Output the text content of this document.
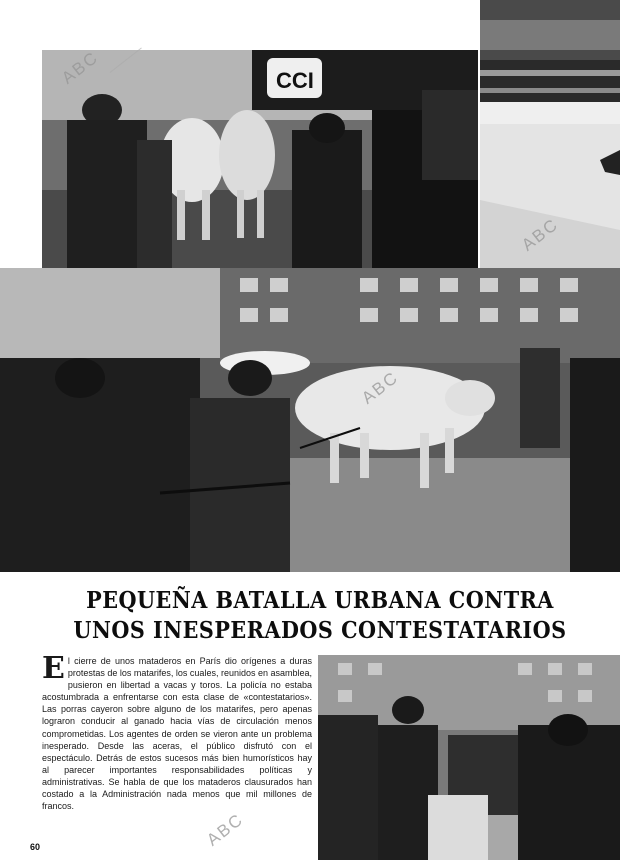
CCI
PEQUEÑA BATALLA URBANA CONTRA
UNOS INESPERADOS CONTESTATARIOS
El cierre de unos mataderos en París dio orígenes a duras protestas de los matarifes, los cuales, reunidos en asamblea, pusieron en libertad a vacas y toros. La policía no estaba acostumbrada a enfrentarse con esta clase de «contestatarios». Las porras cayeron sobre alguno de los matarifes, pero apenas lograron conducir al ganado hacia vías de circulación menos comprometidas. Los agentes de orden se vieron ante un problema inesperado. Desde las aceras, el público disfrutó con el espectáculo. Detrás de estos sucesos más bien humorísticos hay al parecer importantes responsabilidades políticas y administrativas. Se habla de que los mataderos clausurados han costado a la Administración nada menos que mil millones de francos.
60
ABC
ABC
ABC
ABC
